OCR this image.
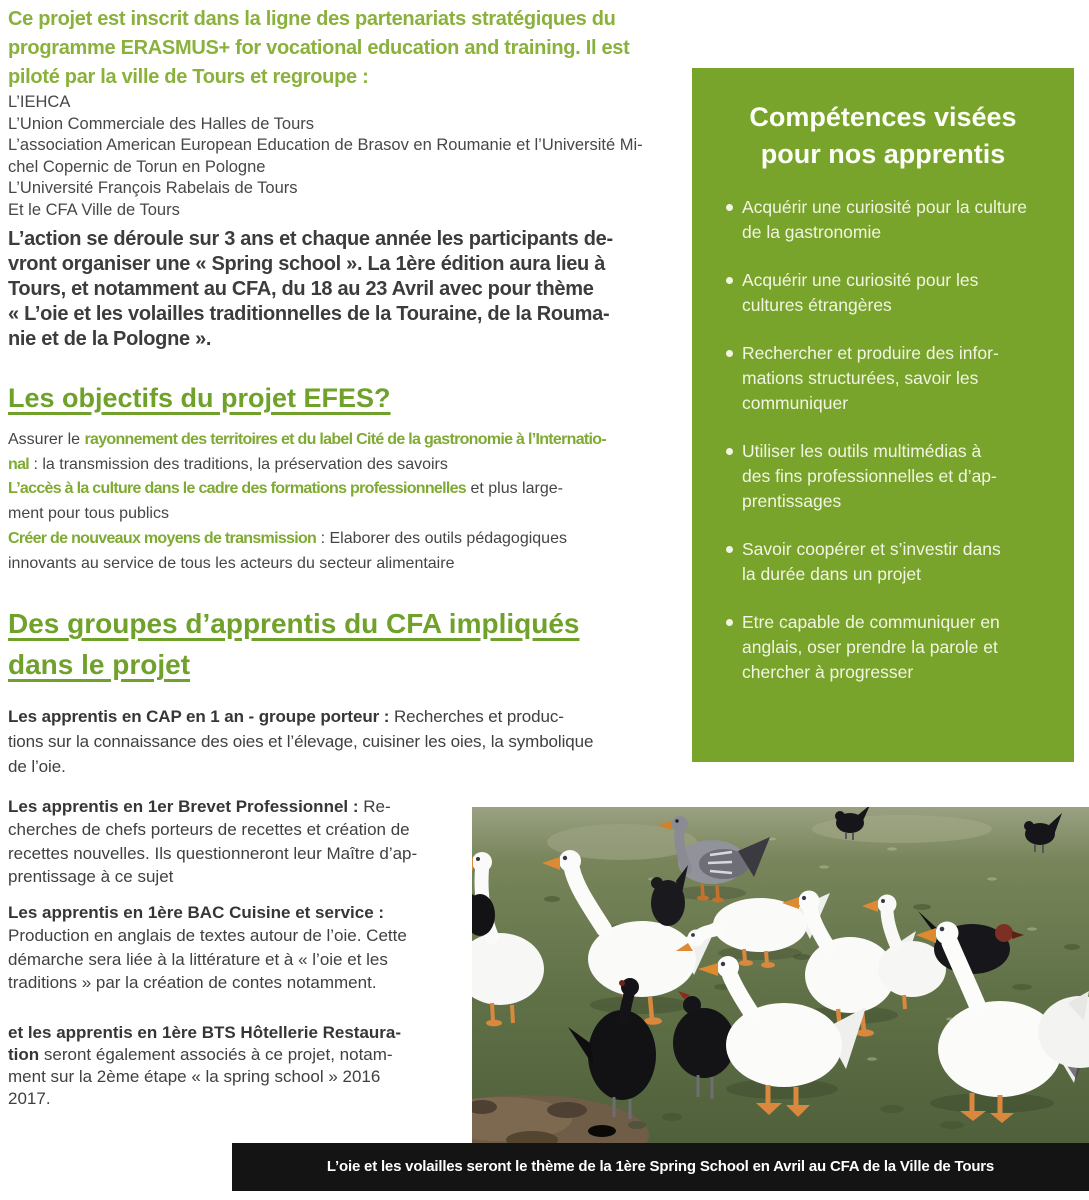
Ce projet est inscrit dans la ligne des partenariats stratégiques du
programme ERASMUS+ for vocational education and training. Il est
piloté par la ville de Tours et regroupe :
L’IEHCA
L’Union Commerciale des Halles de Tours
L’association American European Education de Brasov en Roumanie et l’Université Mi-
chel Copernic de Torun en Pologne
L’Université François Rabelais de Tours
Et le CFA Ville de Tours
L’action se déroule sur 3 ans et chaque année les participants de-
vront organiser une « Spring school ». La 1ère édition aura lieu à
Tours, et notamment au CFA, du 18 au 23 Avril avec pour thème
« L’oie et les volailles traditionnelles de la Touraine, de la Rouma-
nie et de la Pologne ».
Les objectifs du projet EFES?
Assurer le rayonnement des territoires et du label Cité de la gastronomie à l’Internatio-
nal : la transmission des traditions, la préservation des savoirs
L’accès à la culture dans le cadre des formations professionnelles et plus large-
ment pour tous publics
Créer de nouveaux moyens de transmission : Elaborer des outils pédagogiques
innovants au service de tous les acteurs du secteur alimentaire
Des groupes d’apprentis du CFA impliqués
dans le projet
Les apprentis en CAP en 1 an - groupe porteur : Recherches et produc-
tions sur la connaissance des oies et l’élevage, cuisiner les oies, la symbolique
de l’oie.
Les apprentis en 1er Brevet Professionnel : Re-
cherches de chefs porteurs de recettes et création de
recettes nouvelles. Ils questionneront leur Maître d’ap-
prentissage à ce sujet
Les apprentis en 1ère BAC Cuisine et service :
Production en anglais de textes autour de l’oie. Cette
démarche sera liée à la littérature et à « l’oie et les
traditions » par la création de contes notamment.
et les apprentis en 1ère BTS Hôtellerie Restaura-
tion seront également associés à ce projet, notam-
ment sur la 2ème étape « la spring school » 2016
2017.
Compétences visées
pour nos apprentis
Acquérir une curiosité pour la culture
de la gastronomie
Acquérir une curiosité pour les
cultures étrangères
Rechercher et produire des infor-
mations structurées, savoir les
communiquer
Utiliser les outils multimédias à
des fins professionnelles et d’ap-
prentissages
Savoir coopérer et s’investir dans
la durée dans un projet
Etre capable de communiquer en
anglais, oser prendre la parole et
chercher à progresser
L’oie et les volailles seront le thème de la 1ère Spring School en Avril au CFA de la Ville de Tours
